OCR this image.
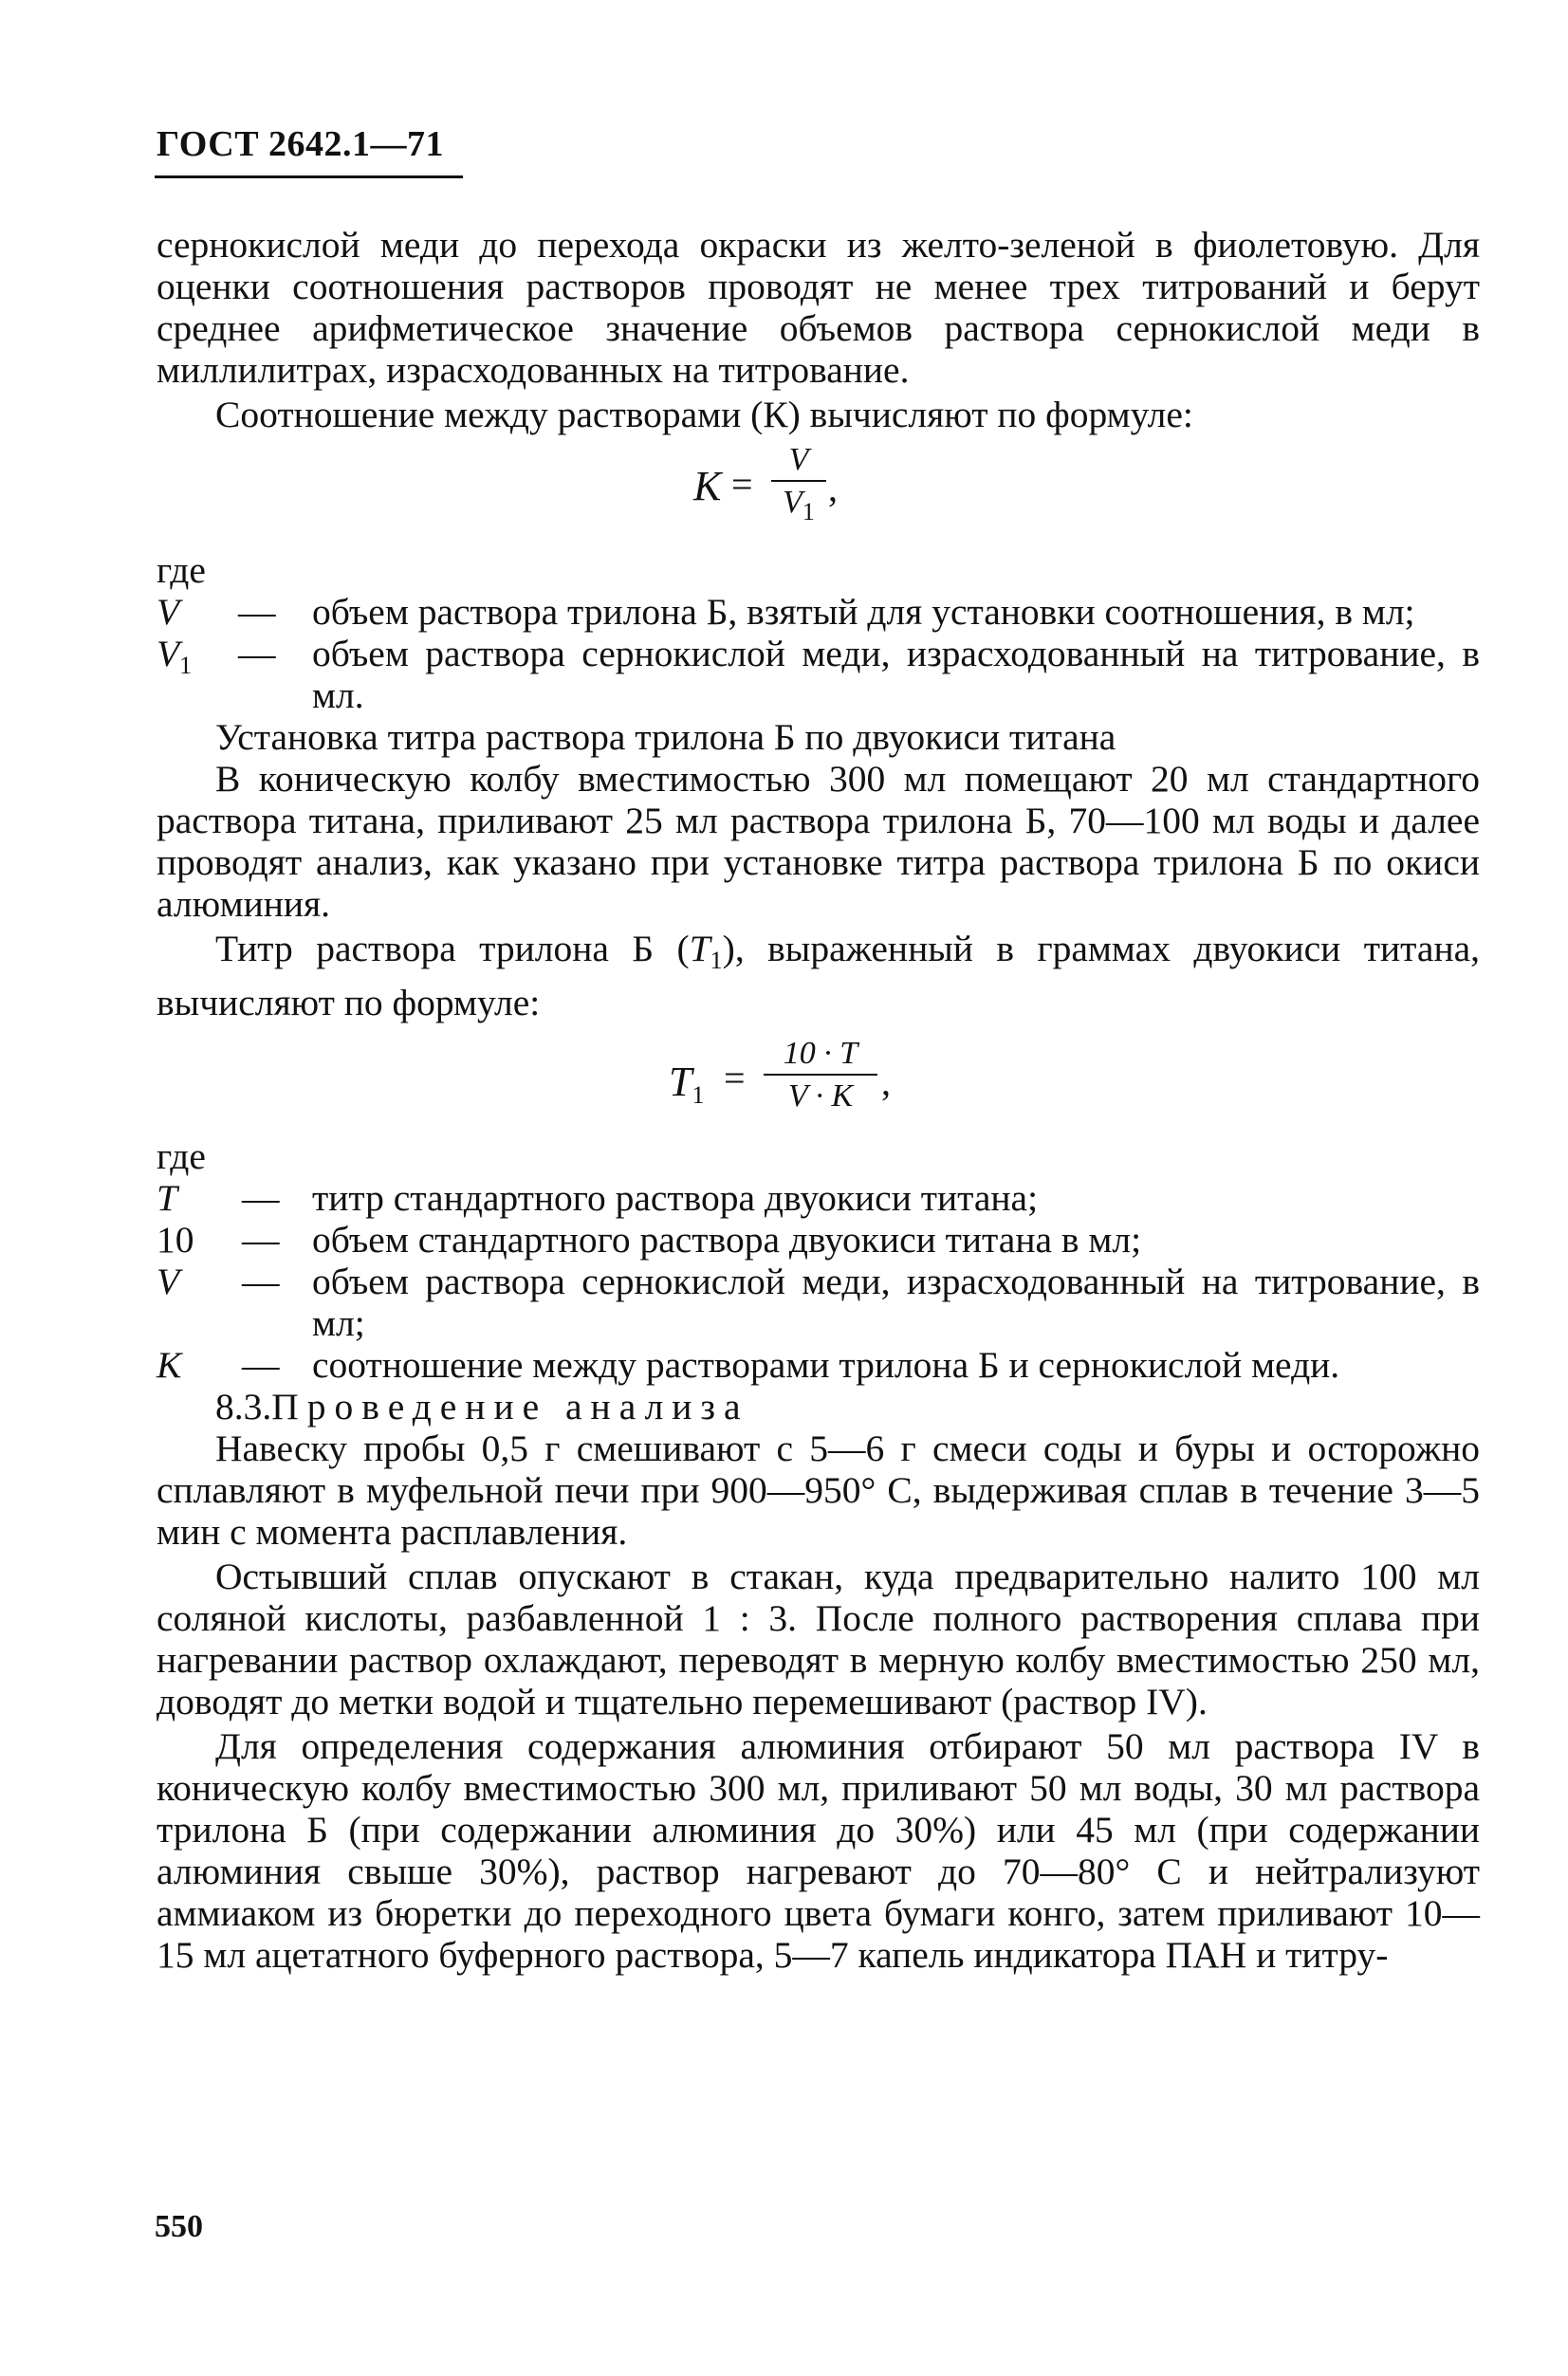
ГОСТ 2642.1—71

сернокислой меди до перехода окраски из желто-зеленой в фиолетовую. Для оценки соотношения растворов проводят не менее трех титрований и берут среднее арифметическое значение объемов раствора сернокислой меди в миллилитрах, израсходованных на титрование.

Соотношение между растворами (К) вычисляют по формуле:

К =
V
$V_1$
,

где

V	— объем раствора трилона Б, взятый для установки соотношения, в мл;

$V_1$	— объем раствора сернокислой меди, израсходованный на титрование, в мл.

Установка титра раствора трилона Б по двуокиси титана

В коническую колбу вместимостью 300 мл помещают 20 мл стандартного раствора титана, приливают 25 мл раствора трилона Б, 70—100 мл воды и далее проводят анализ, как указано при установке титра раствора трилона Б по окиси алюминия.

Титр раствора трилона Б $(T_1)$, выраженный в граммах двуокиси титана, вычисляют по формуле:

$T_1$ =
10 · T
V · K ,

где

T	— титр стандартного раствора двуокиси титана;

10	— объем стандартного раствора двуокиси титана в мл;

V	— объем раствора сернокислой меди, израсходованный на титрование, в мл;

К	— соотношение между растворами трилона Б и сернокислой меди.

8.3.Проведение анализа

Навеску пробы 0,5 г смешивают с 5—6 г смеси соды и буры и осторожно сплавляют в муфельной печи при 900—950° С, выдерживая сплав в течение 3—5 мин с момента расплавления.

Остывший сплав опускают в стакан, куда предварительно налито 100 мл соляной кислоты, разбавленной 1 : 3. После полного растворения сплава при нагревании раствор охлаждают, переводят в мерную колбу вместимостью 250 мл, доводят до метки водой и тщательно перемешивают (раствор IV).

Для определения содержания алюминия отбирают 50 мл раствора IV в коническую колбу вместимостью 300 мл, приливают 50 мл воды, 30 мл раствора трилона Б (при содержании алюминия до 30%) или 45 мл (при содержании алюминия свыше 30%), раствор нагревают до 70—80° С и нейтрализуют аммиаком из бюретки до переходного цвета бумаги конго, затем приливают 10—15 мл ацетатного буферного раствора, 5—7 капель индикатора ПАН и титру-

550
